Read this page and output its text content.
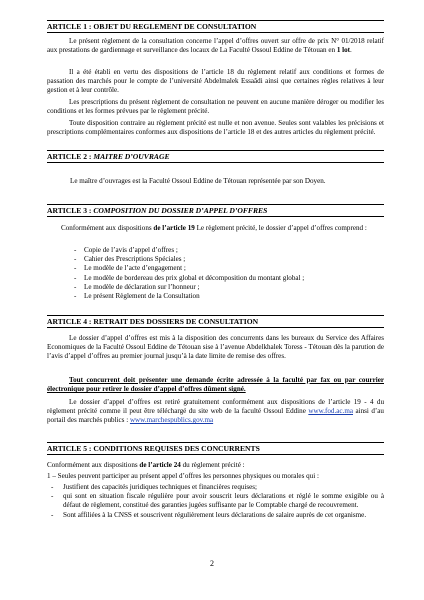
ARTICLE 1 : OBJET DU REGLEMENT DE CONSULTATION
Le présent règlement de la consultation concerne l’appel d’offres ouvert sur offre de prix N° 01/2018 relatif aux prestations de gardiennage et surveillance des locaux de La Faculté Ossoul Eddine de Tétouan en 1 lot.
Il a été établi en vertu des dispositions de l’article 18 du règlement relatif aux conditions et formes de passation des marchés pour le compte de l’université Abdelmalek Essaâdi ainsi que certaines règles relatives à leur gestion et à leur contrôle.
Les prescriptions du présent règlement de consultation ne peuvent en aucune manière déroger ou modifier les conditions et les formes prévues par le règlement précité.
Toute disposition contraire au règlement précité est nulle et non avenue. Seules sont valables les précisions et prescriptions complémentaires conformes aux dispositions de l’article 18 et des autres articles du règlement précité.
ARTICLE 2 : MAITRE D’OUVRAGE
Le maître d’ouvrages est la Faculté Ossoul Eddine de Tétouan représentée par son Doyen.
ARTICLE 3 : COMPOSITION DU DOSSIER D’APPEL D’OFFRES
Conformément aux dispositions de l’article 19 Le règlement précité, le dossier d’appel d’offres comprend :
- Copie de l’avis d’appel d’offres ;
- Cahier des Prescriptions Spéciales ;
- Le modèle de l’acte d’engagement ;
- Le modèle de bordereau des prix global et décomposition du montant global ;
- Le modèle de déclaration sur l’honneur ;
- Le présent Règlement de la Consultation
ARTICLE 4 : RETRAIT DES DOSSIERS DE CONSULTATION
Le dossier d’appel d’offres est mis à la disposition des concurrents dans les bureaux du Service des Affaires Economiques de la Faculté Ossoul Eddine de Tétouan sise à l’avenue Abdelkhalek Toress - Tétouan dès la parution de l’avis d’appel d’offres au premier journal jusqu’à la date limite de remise des offres.
Tout concurrent doit présenter une demande écrite adressée à la faculté par fax ou par courrier électronique pour retirer le dossier d’appel d’offres dûment signé.
Le dossier d’appel d’offres est retiré gratuitement conformément aux dispositions de l’article 19 - 4 du règlement précité comme il peut être téléchargé du site web de la faculté Ossoul Eddine www.fod.ac.ma ainsi d’au portail des marchés publics : www.marchespublics.gov.ma
ARTICLE 5 : CONDITIONS REQUISES DES CONCURRENTS
Conformément aux dispositions de l’article 24 du règlement précité :
1 – Seules peuvent participer au présent appel d’offres les personnes physiques ou morales qui :
- Justifient des capacités juridiques techniques et financières requises;
- qui sont en situation fiscale régulière pour avoir souscrit leurs déclarations et réglé le somme exigible ou à défaut de règlement, constitué des garanties jugées suffisante par le Comptable chargé de recouvrement.
- Sont affiliées à la CNSS et souscrivent régulièrement leurs déclarations de salaire auprès de cet organisme.
2
